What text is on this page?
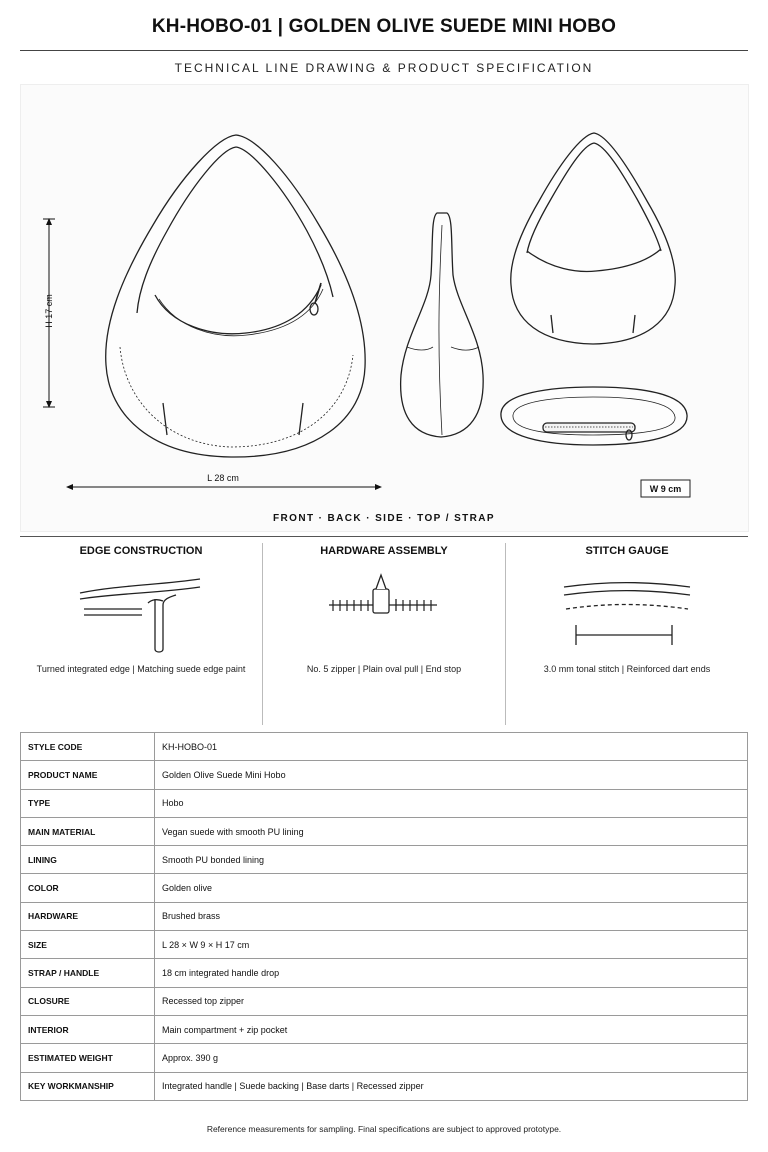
KH-HOBO-01 | GOLDEN OLIVE SUEDE MINI HOBO
TECHNICAL LINE DRAWING & PRODUCT SPECIFICATION
H 17 cm
L 28 cm
W 9 cm
FRONT · BACK · SIDE · TOP / STRAP
EDGE CONSTRUCTION
Turned integrated edge | Matching suede edge paint
HARDWARE ASSEMBLY
No. 5 zipper | Plain oval pull | End stop
STITCH GAUGE
3.0 mm tonal stitch | Reinforced dart ends
STYLE CODE	KH-HOBO-01
PRODUCT NAME	Golden Olive Suede Mini Hobo
TYPE	Hobo
MAIN MATERIAL	Vegan suede with smooth PU lining
LINING	Smooth PU bonded lining
COLOR	Golden olive
HARDWARE	Brushed brass
SIZE	L 28 × W 9 × H 17 cm
STRAP / HANDLE	18 cm integrated handle drop
CLOSURE	Recessed top zipper
INTERIOR	Main compartment + zip pocket
ESTIMATED WEIGHT	Approx. 390 g
KEY WORKMANSHIP	Integrated handle | Suede backing | Base darts | Recessed zipper
Reference measurements for sampling. Final specifications are subject to approved prototype.
